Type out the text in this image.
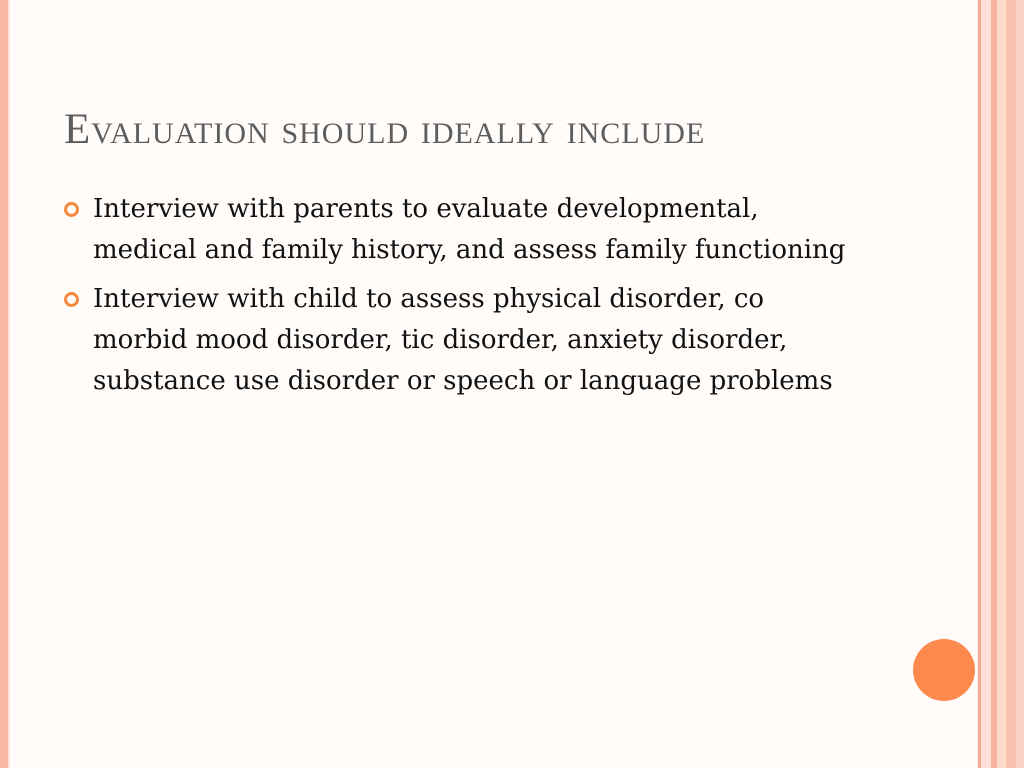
Evaluation should ideally include
Interview with parents to evaluate developmental, medical and family history, and assess family functioning
Interview with child to assess physical disorder, co morbid mood disorder, tic disorder, anxiety disorder, substance use disorder or speech or language problems
